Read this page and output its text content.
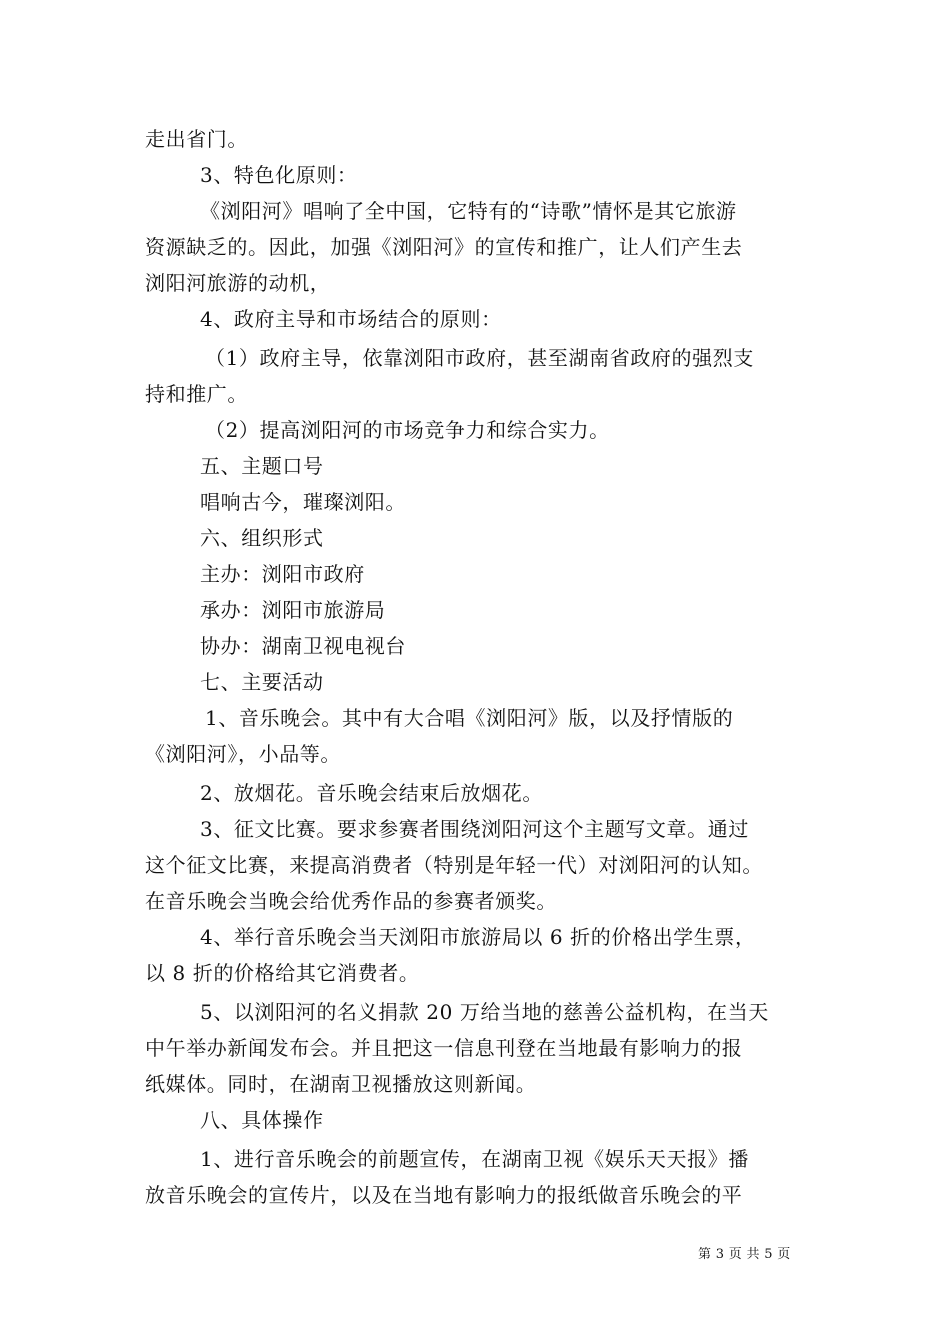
走出省门。
3、特色化原则：
《浏阳河》唱响了全中国，它特有的“诗歌”情怀是其它旅游
资源缺乏的。因此，加强《浏阳河》的宣传和推广，让人们产生去
浏阳河旅游的动机，
4、政府主导和市场结合的原则：
（1）政府主导，依靠浏阳市政府，甚至湖南省政府的强烈支
持和推广。
（2）提高浏阳河的市场竞争力和综合实力。
五、主题口号
唱响古今，璀璨浏阳。
六、组织形式
主办：浏阳市政府
承办：浏阳市旅游局
协办：湖南卫视电视台
七、主要活动
1、音乐晚会。其中有大合唱《浏阳河》版，以及抒情版的
《浏阳河》，小品等。
2、放烟花。音乐晚会结束后放烟花。
3、征文比赛。要求参赛者围绕浏阳河这个主题写文章。通过
这个征文比赛，来提高消费者（特别是年轻一代）对浏阳河的认知。
在音乐晚会当晚会给优秀作品的参赛者颁奖。
4、举行音乐晚会当天浏阳市旅游局以 6 折的价格出学生票，
以 8 折的价格给其它消费者。
5、以浏阳河的名义捐款 20 万给当地的慈善公益机构，在当天
中午举办新闻发布会。并且把这一信息刊登在当地最有影响力的报
纸媒体。同时，在湖南卫视播放这则新闻。
八、具体操作
1、进行音乐晚会的前题宣传，在湖南卫视《娱乐天天报》播
放音乐晚会的宣传片，以及在当地有影响力的报纸做音乐晚会的平
第 3 页 共 5 页
